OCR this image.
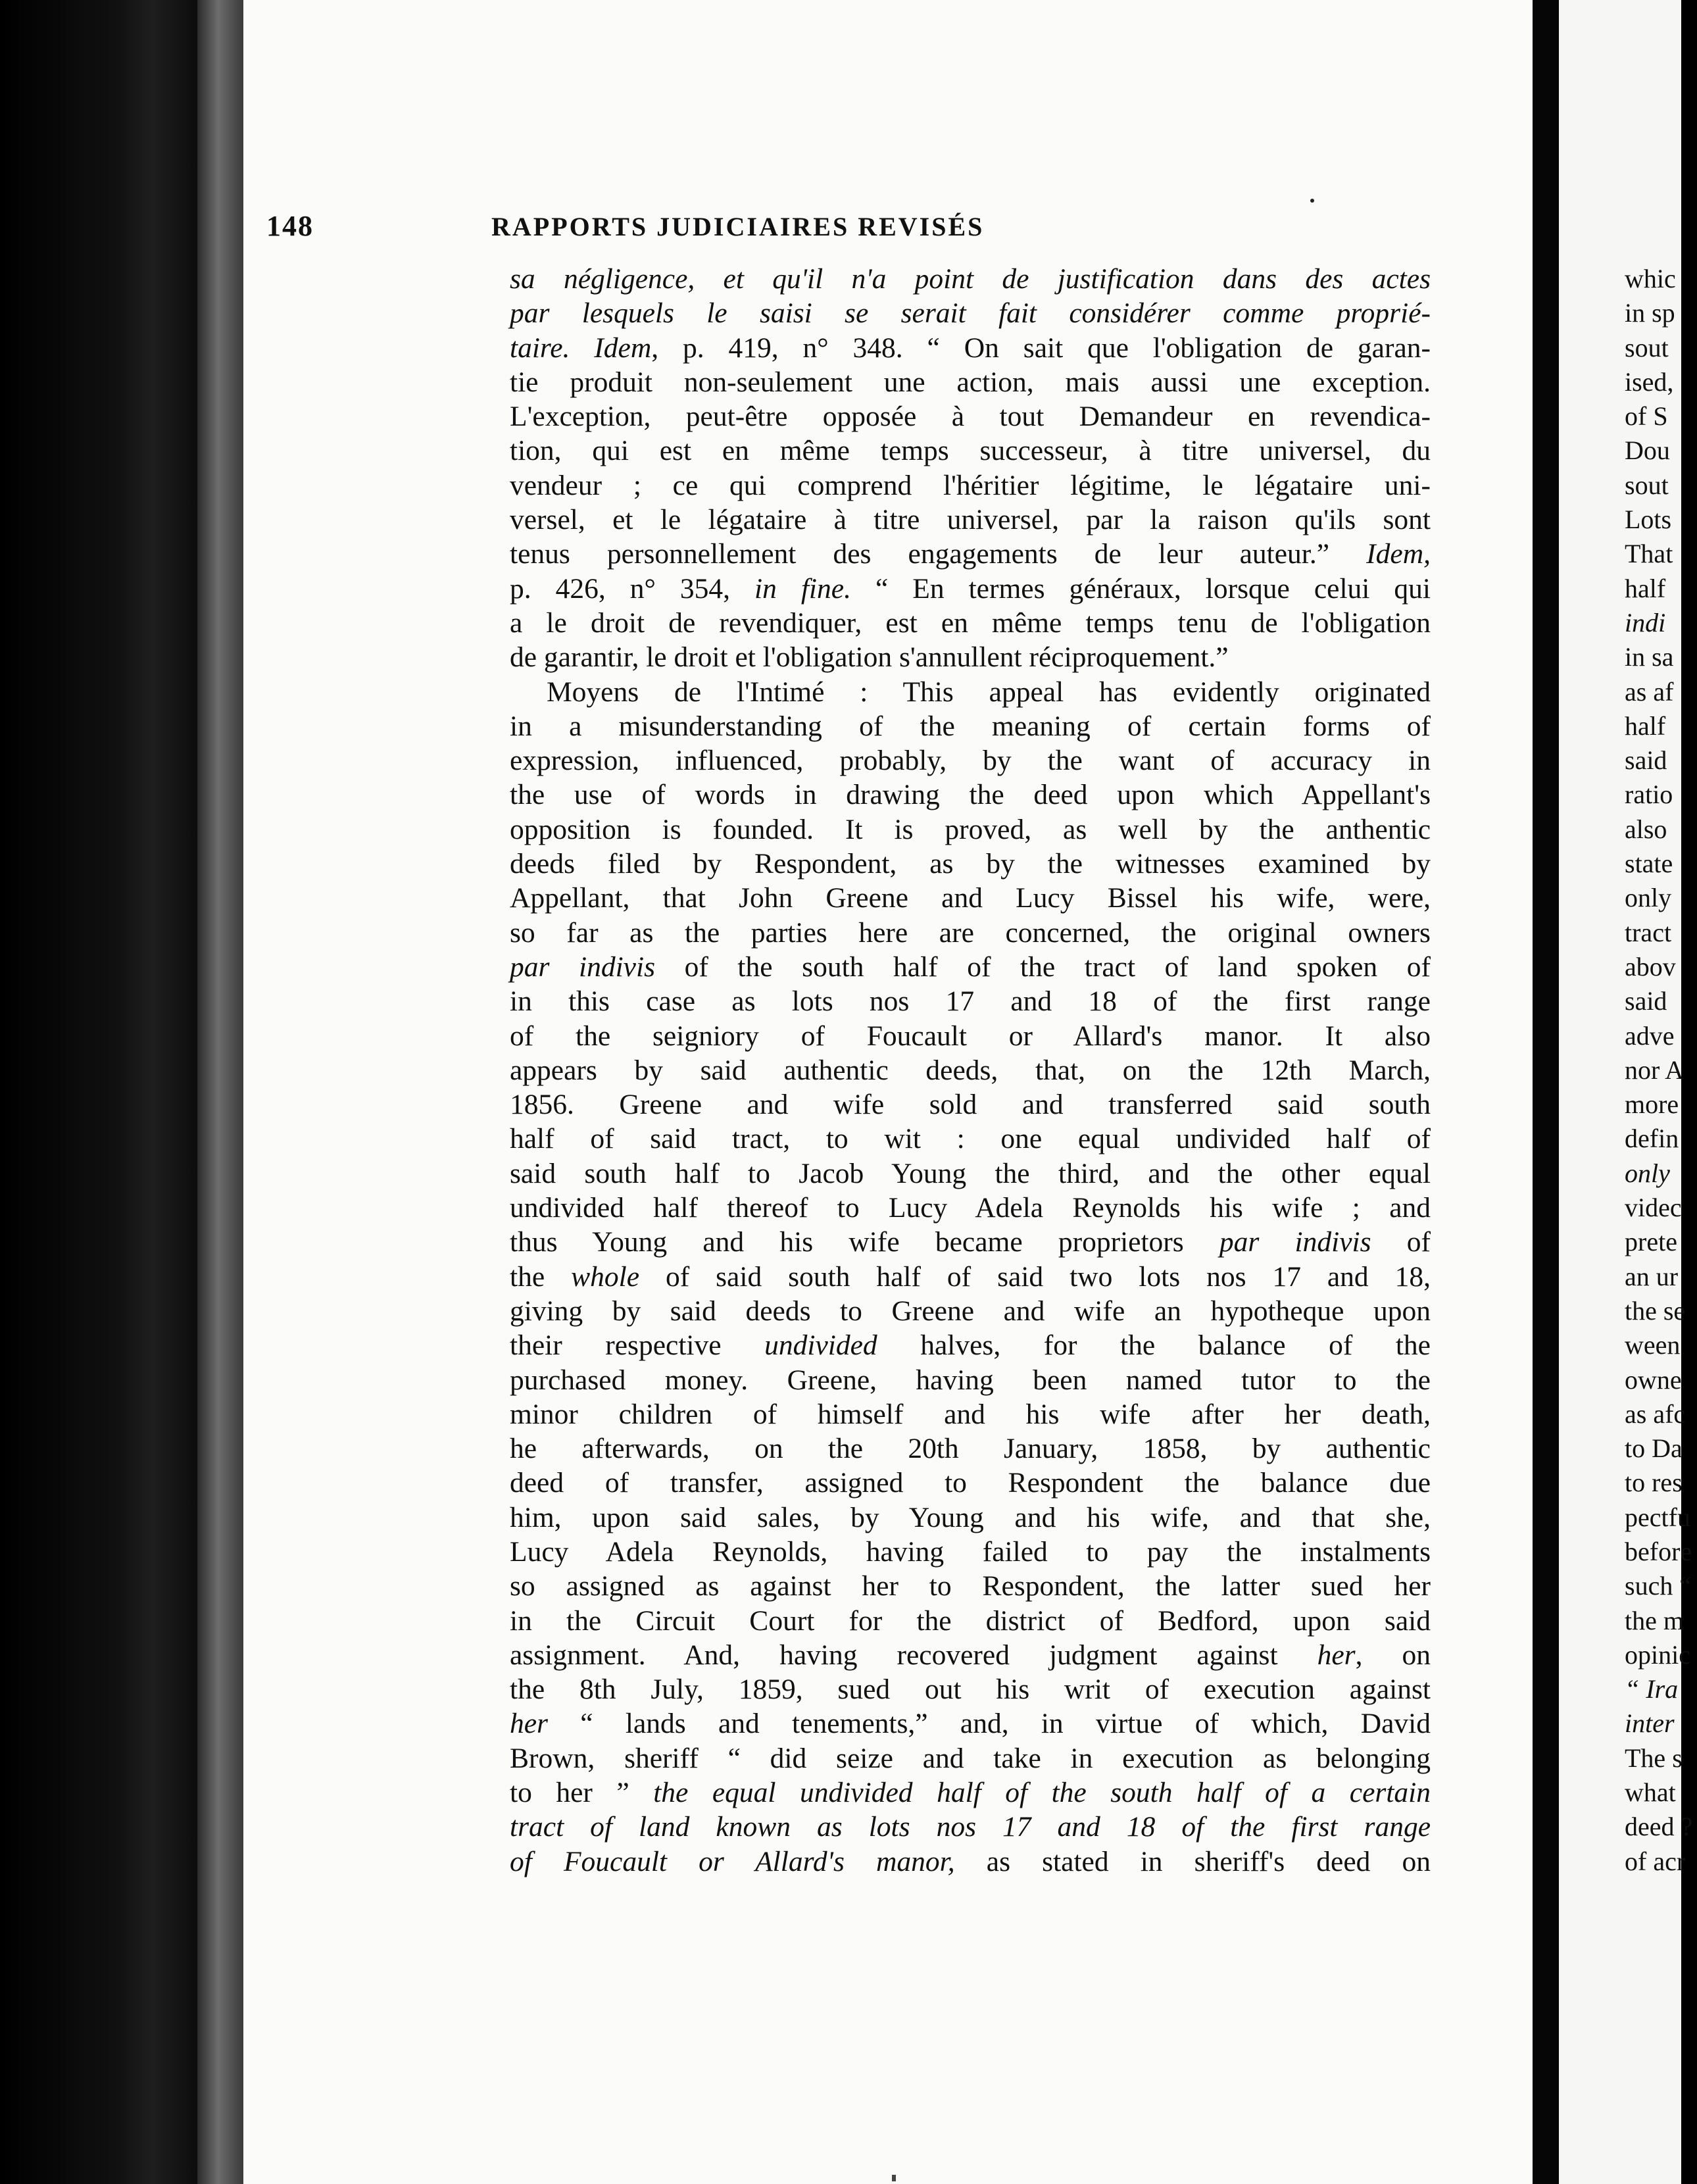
148	RAPPORTS JUDICIAIRES REVISÉS
sa négligence, et qu'il n'a point de justification dans des actes
par lesquels le saisi se serait fait considérer comme proprié-
taire. Idem, p. 419, n° 348. “ On sait que l'obligation de garan-
tie produit non-seulement une action, mais aussi une exception.
L'exception, peut-être opposée à tout Demandeur en revendica-
tion, qui est en même temps successeur, à titre universel, du
vendeur ; ce qui comprend l'héritier légitime, le légataire uni-
versel, et le légataire à titre universel, par la raison qu'ils sont
tenus personnellement des engagements de leur auteur.” Idem,
p. 426, n° 354, in fine. “ En termes généraux, lorsque celui qui
a le droit de revendiquer, est en même temps tenu de l'obligation
de garantir, le droit et l'obligation s'annullent réciproquement.”
Moyens de l'Intimé : This appeal has evidently originated
in a misunderstanding of the meaning of certain forms of
expression, influenced, probably, by the want of accuracy in
the use of words in drawing the deed upon which Appellant's
opposition is founded. It is proved, as well by the anthentic
deeds filed by Respondent, as by the witnesses examined by
Appellant, that John Greene and Lucy Bissel his wife, were,
so far as the parties here are concerned, the original owners
par indivis of the south half of the tract of land spoken of
in this case as lots nos 17 and 18 of the first range
of the seigniory of Foucault or Allard's manor. It also
appears by said authentic deeds, that, on the 12th March,
1856. Greene and wife sold and transferred said south
half of said tract, to wit : one equal undivided half of
said south half to Jacob Young the third, and the other equal
undivided half thereof to Lucy Adela Reynolds his wife ; and
thus Young and his wife became proprietors par indivis of
the whole of said south half of said two lots nos 17 and 18,
giving by said deeds to Greene and wife an hypotheque upon
their respective undivided halves, for the balance of the
purchased money. Greene, having been named tutor to the
minor children of himself and his wife after her death,
he afterwards, on the 20th January, 1858, by authentic
deed of transfer, assigned to Respondent the balance due
him, upon said sales, by Young and his wife, and that she,
Lucy Adela Reynolds, having failed to pay the instalments
so assigned as against her to Respondent, the latter sued her
in the Circuit Court for the district of Bedford, upon said
assignment. And, having recovered judgment against her, on
the 8th July, 1859, sued out his writ of execution against
her “ lands and tenements,” and, in virtue of which, David
Brown, sheriff “ did seize and take in execution as belonging
to her ” the equal undivided half of the south half of a certain
tract of land known as lots nos 17 and 18 of the first range
of Foucault or Allard's manor, as stated in sheriff's deed on
whic
in sp
sout
ised,
of S
Dou
sout
Lots
That
half
indi
in sa
as af
half
said
ratio
also
state
only
tract
abov
said
adve
nor A
more
defin
only
videc
prete
an ur
the se
ween
owne
as afc
to Da
to res
pectfu
before
such “
the m
opinic
“ Ira
inter
The s
what
deed ?
of acr
